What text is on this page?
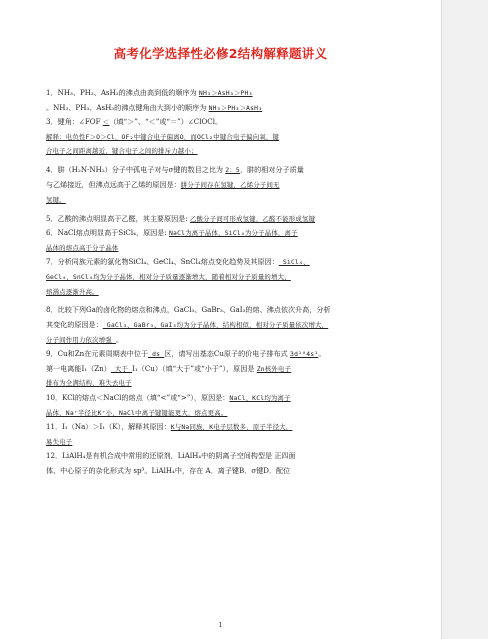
高考化学选择性必修2结构解释题讲义
1．NH₃、PH₃、AsH₃的沸点由高到低的顺序为 NH₃＞AsH₃＞PH₃
。NH₃、PH₃、AsH₃的沸点键角由大到小的顺序为 NH₃＞PH₃＞AsH₃
3．键角：∠FOF ＜（填“＞”、“＜”或“＝”）∠ClOCl。
解释：电负性F＞O＞Cl，OF₂中键合电子偏离O，而OCl₂中键合电子偏向氧，键
合电子之间距离越近，键合电子之间的排斥力越小；
4．肼（H₂N-NH₂）分子中孤电子对与σ键的数目之比为 2：5，肼的相对分子质量
与乙烯接近，但沸点远高于乙烯的原因是：肼分子间存在氢键，乙烯分子间无
氢键。
5．乙酸的沸点明显高于乙醛，其主要原因是: 乙酸分子间可形成氢键，乙醛不能形成氢键
6．NaCl熔点明显高于SiCl₄，原因是: NaCl为离子晶体，SiCl₄为分子晶体，离子
晶体的熔点高于分子晶体
7．分析同族元素的氯化物SiCl₄、GeCl₄、SnCl₄熔点变化趋势及其原因： SiCl₄、
GeCl₄、SnCl₄均为分子晶体，相对分子质量逐渐增大，随着相对分子质量的增大，
熔沸点逐渐升高。
8．比较下列Ga的卤化物的熔点和沸点，GaCl₃、GaBr₃、GaI₃的熔、沸点依次升高，分析
其变化的原因是： GaCl₃、GaBr₃、GaI₃均为分子晶体，结构相似，相对分子质量依次增大，
分子间作用力依次增强 。
9．Cu和Zn在元素周期表中位于 ds 区，请写出基态Cu原子的价电子排布式 3d¹⁰4s¹。
第一电离能I₁（Zn） 大于 I₁（Cu）（填“大于”或“小于”），原因是 Zn核外电子
排布为全满结构，难失去电子
10．KCl的熔点＜NaCl的熔点（填“<”或“>”），原因是：NaCl、KCl均为离子
晶体，Na⁺半径比K⁺小，NaCl中离子键键能更大，熔点更高。
11．I₁（Na）＞I₁（K），解释其原因：K与Na同族，K电子层数多，原子半径大，
易失电子
12．LiAlH₄是有机合成中常用的还原剂，LiAlH₄中的阴离子空间构型是 正四面
体、中心原子的杂化形式为 sp³。LiAlH₄中，存在 A．离子键B．σ键D．配位
1
